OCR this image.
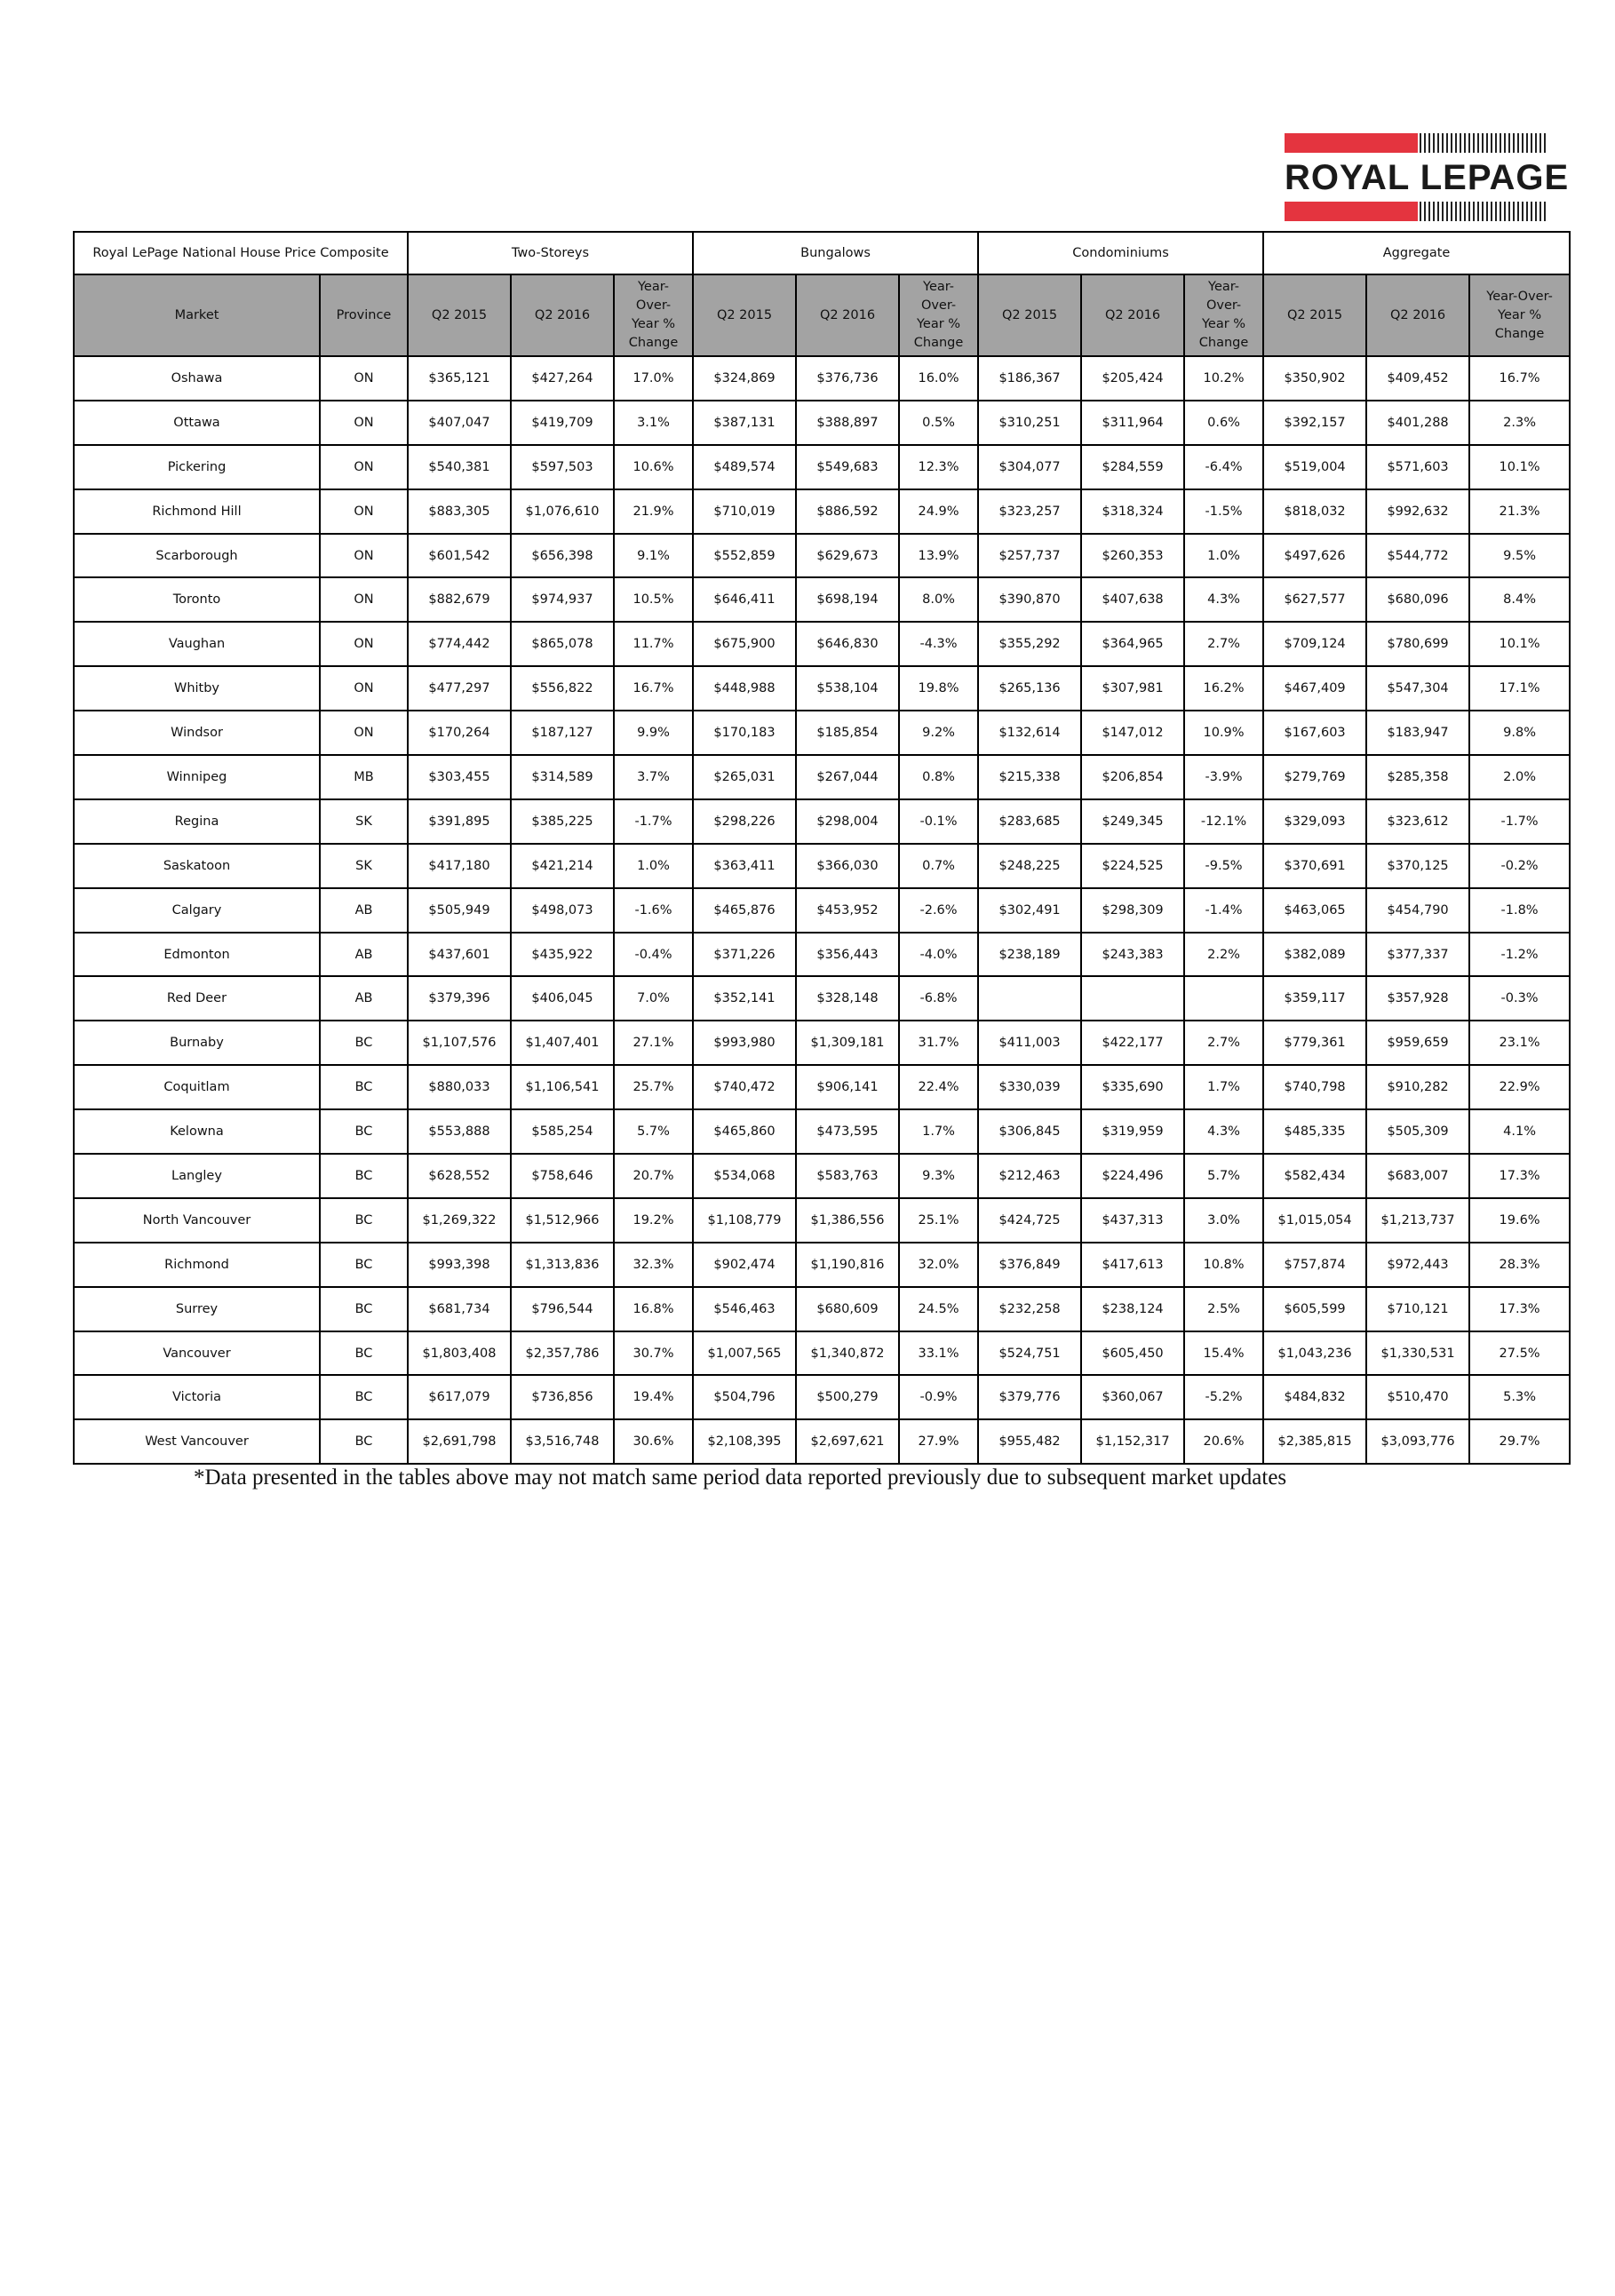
ROYAL LEPAGE
Royal LePage National House Price Composite		Two-Storeys			Bungalows			Condominiums			Aggregate		
Market	Province	Q2 2015	Q2 2016	Year-Over-Year % Change	Q2 2015	Q2 2016	Year-Over-Year % Change	Q2 2015	Q2 2016	Year-Over-Year % Change	Q2 2015	Q2 2016	Year-Over-Year % Change
Oshawa	ON	$365,121	$427,264	17.0%	$324,869	$376,736	16.0%	$186,367	$205,424	10.2%	$350,902	$409,452	16.7%
Ottawa	ON	$407,047	$419,709	3.1%	$387,131	$388,897	0.5%	$310,251	$311,964	0.6%	$392,157	$401,288	2.3%
Pickering	ON	$540,381	$597,503	10.6%	$489,574	$549,683	12.3%	$304,077	$284,559	-6.4%	$519,004	$571,603	10.1%
Richmond Hill	ON	$883,305	$1,076,610	21.9%	$710,019	$886,592	24.9%	$323,257	$318,324	-1.5%	$818,032	$992,632	21.3%
Scarborough	ON	$601,542	$656,398	9.1%	$552,859	$629,673	13.9%	$257,737	$260,353	1.0%	$497,626	$544,772	9.5%
Toronto	ON	$882,679	$974,937	10.5%	$646,411	$698,194	8.0%	$390,870	$407,638	4.3%	$627,577	$680,096	8.4%
Vaughan	ON	$774,442	$865,078	11.7%	$675,900	$646,830	-4.3%	$355,292	$364,965	2.7%	$709,124	$780,699	10.1%
Whitby	ON	$477,297	$556,822	16.7%	$448,988	$538,104	19.8%	$265,136	$307,981	16.2%	$467,409	$547,304	17.1%
Windsor	ON	$170,264	$187,127	9.9%	$170,183	$185,854	9.2%	$132,614	$147,012	10.9%	$167,603	$183,947	9.8%
Winnipeg	MB	$303,455	$314,589	3.7%	$265,031	$267,044	0.8%	$215,338	$206,854	-3.9%	$279,769	$285,358	2.0%
Regina	SK	$391,895	$385,225	-1.7%	$298,226	$298,004	-0.1%	$283,685	$249,345	-12.1%	$329,093	$323,612	-1.7%
Saskatoon	SK	$417,180	$421,214	1.0%	$363,411	$366,030	0.7%	$248,225	$224,525	-9.5%	$370,691	$370,125	-0.2%
Calgary	AB	$505,949	$498,073	-1.6%	$465,876	$453,952	-2.6%	$302,491	$298,309	-1.4%	$463,065	$454,790	-1.8%
Edmonton	AB	$437,601	$435,922	-0.4%	$371,226	$356,443	-4.0%	$238,189	$243,383	2.2%	$382,089	$377,337	-1.2%
Red Deer	AB	$379,396	$406,045	7.0%	$352,141	$328,148	-6.8%				$359,117	$357,928	-0.3%
Burnaby	BC	$1,107,576	$1,407,401	27.1%	$993,980	$1,309,181	31.7%	$411,003	$422,177	2.7%	$779,361	$959,659	23.1%
Coquitlam	BC	$880,033	$1,106,541	25.7%	$740,472	$906,141	22.4%	$330,039	$335,690	1.7%	$740,798	$910,282	22.9%
Kelowna	BC	$553,888	$585,254	5.7%	$465,860	$473,595	1.7%	$306,845	$319,959	4.3%	$485,335	$505,309	4.1%
Langley	BC	$628,552	$758,646	20.7%	$534,068	$583,763	9.3%	$212,463	$224,496	5.7%	$582,434	$683,007	17.3%
North Vancouver	BC	$1,269,322	$1,512,966	19.2%	$1,108,779	$1,386,556	25.1%	$424,725	$437,313	3.0%	$1,015,054	$1,213,737	19.6%
Richmond	BC	$993,398	$1,313,836	32.3%	$902,474	$1,190,816	32.0%	$376,849	$417,613	10.8%	$757,874	$972,443	28.3%
Surrey	BC	$681,734	$796,544	16.8%	$546,463	$680,609	24.5%	$232,258	$238,124	2.5%	$605,599	$710,121	17.3%
Vancouver	BC	$1,803,408	$2,357,786	30.7%	$1,007,565	$1,340,872	33.1%	$524,751	$605,450	15.4%	$1,043,236	$1,330,531	27.5%
Victoria	BC	$617,079	$736,856	19.4%	$504,796	$500,279	-0.9%	$379,776	$360,067	-5.2%	$484,832	$510,470	5.3%
West Vancouver	BC	$2,691,798	$3,516,748	30.6%	$2,108,395	$2,697,621	27.9%	$955,482	$1,152,317	20.6%	$2,385,815	$3,093,776	29.7%
*Data presented in the tables above may not match same period data reported previously due to subsequent market updates
